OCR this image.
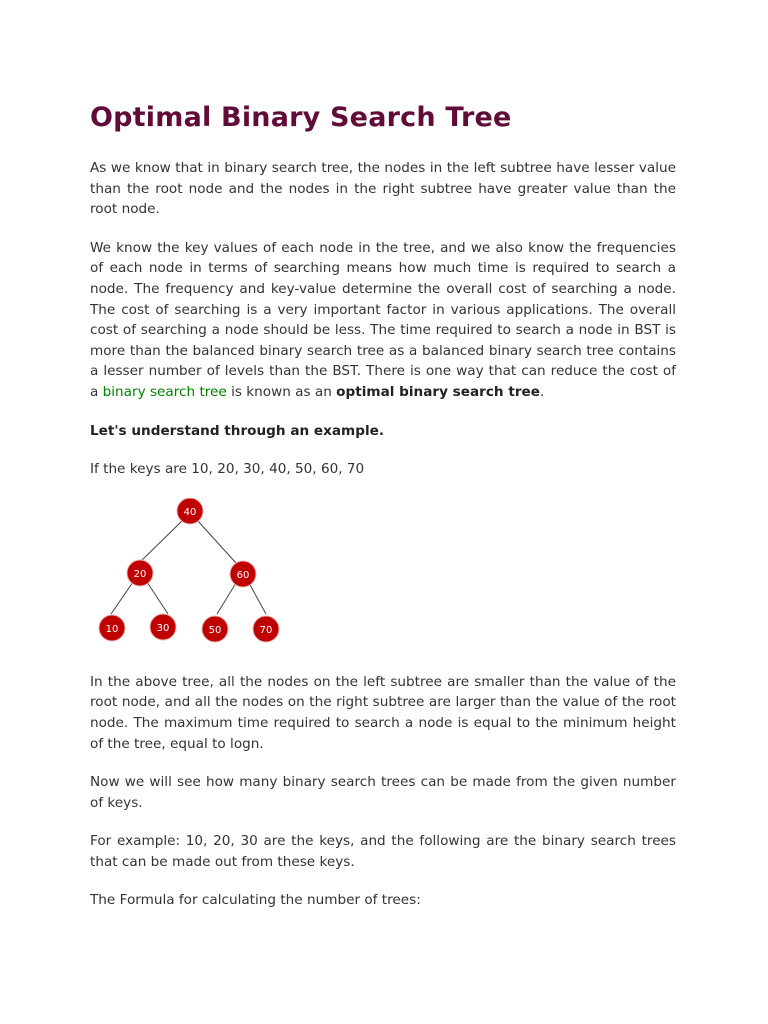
Optimal Binary Search Tree

As we know that in binary search tree, the nodes in the left subtree have lesser value than the root node and the nodes in the right subtree have greater value than the root node.

We know the key values of each node in the tree, and we also know the frequencies of each node in terms of searching means how much time is required to search a node. The frequency and key-value determine the overall cost of searching a node. The cost of searching is a very important factor in various applications. The overall cost of searching a node should be less. The time required to search a node in BST is more than the balanced binary search tree as a balanced binary search tree contains a lesser number of levels than the BST. There is one way that can reduce the cost of a binary search tree is known as an optimal binary search tree.

Let's understand through an example.

If the keys are 10, 20, 30, 40, 50, 60, 70

40
20	60
10	30	50	70

In the above tree, all the nodes on the left subtree are smaller than the value of the root node, and all the nodes on the right subtree are larger than the value of the root node. The maximum time required to search a node is equal to the minimum height of the tree, equal to logn.

Now we will see how many binary search trees can be made from the given number of keys.

For example: 10, 20, 30 are the keys, and the following are the binary search trees that can be made out from these keys.

The Formula for calculating the number of trees:
